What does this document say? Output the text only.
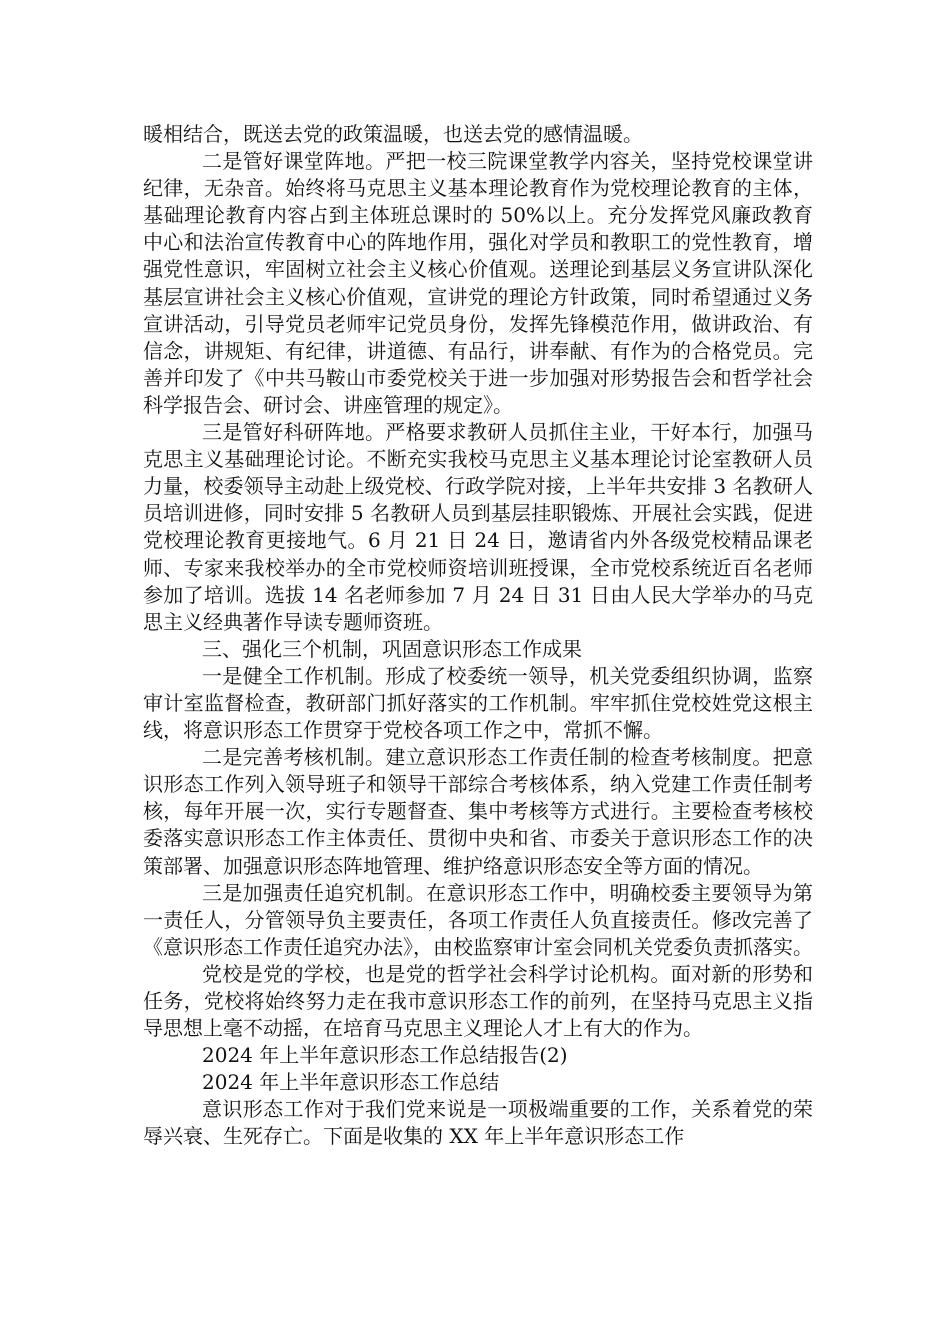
暖相结合，既送去党的政策温暖，也送去党的感情温暖。

二是管好课堂阵地。严把一校三院课堂教学内容关，坚持党校课堂讲纪律，无杂音。始终将马克思主义基本理论教育作为党校理论教育的主体，基础理论教育内容占到主体班总课时的 50%以上。充分发挥党风廉政教育中心和法治宣传教育中心的阵地作用，强化对学员和教职工的党性教育，增强党性意识，牢固树立社会主义核心价值观。送理论到基层义务宣讲队深化基层宣讲社会主义核心价值观，宣讲党的理论方针政策，同时希望通过义务宣讲活动，引导党员老师牢记党员身份，发挥先锋模范作用，做讲政治、有信念，讲规矩、有纪律，讲道德、有品行，讲奉献、有作为的合格党员。完善并印发了《中共马鞍山市委党校关于进一步加强对形势报告会和哲学社会科学报告会、研讨会、讲座管理的规定》。

三是管好科研阵地。严格要求教研人员抓住主业，干好本行，加强马克思主义基础理论讨论。不断充实我校马克思主义基本理论讨论室教研人员力量，校委领导主动赴上级党校、行政学院对接，上半年共安排 3 名教研人员培训进修，同时安排 5 名教研人员到基层挂职锻炼、开展社会实践，促进党校理论教育更接地气。6 月 21 日 24 日，邀请省内外各级党校精品课老师、专家来我校举办的全市党校师资培训班授课，全市党校系统近百名老师参加了培训。选拔 14 名老师参加 7 月 24 日 31 日由人民大学举办的马克思主义经典著作导读专题师资班。

三、强化三个机制，巩固意识形态工作成果

一是健全工作机制。形成了校委统一领导，机关党委组织协调，监察审计室监督检查，教研部门抓好落实的工作机制。牢牢抓住党校姓党这根主线，将意识形态工作贯穿于党校各项工作之中，常抓不懈。

二是完善考核机制。建立意识形态工作责任制的检查考核制度。把意识形态工作列入领导班子和领导干部综合考核体系，纳入党建工作责任制考核，每年开展一次，实行专题督查、集中考核等方式进行。主要检查考核校委落实意识形态工作主体责任、贯彻中央和省、市委关于意识形态工作的决策部署、加强意识形态阵地管理、维护络意识形态安全等方面的情况。

三是加强责任追究机制。在意识形态工作中，明确校委主要领导为第一责任人，分管领导负主要责任，各项工作责任人负直接责任。修改完善了《意识形态工作责任追究办法》，由校监察审计室会同机关党委负责抓落实。

党校是党的学校，也是党的哲学社会科学讨论机构。面对新的形势和任务，党校将始终努力走在我市意识形态工作的前列，在坚持马克思主义指导思想上毫不动摇，在培育马克思主义理论人才上有大的作为。

2024 年上半年意识形态工作总结报告(2)

2024 年上半年意识形态工作总结

意识形态工作对于我们党来说是一项极端重要的工作，关系着党的荣辱兴衰、生死存亡。下面是收集的 XX 年上半年意识形态工作
